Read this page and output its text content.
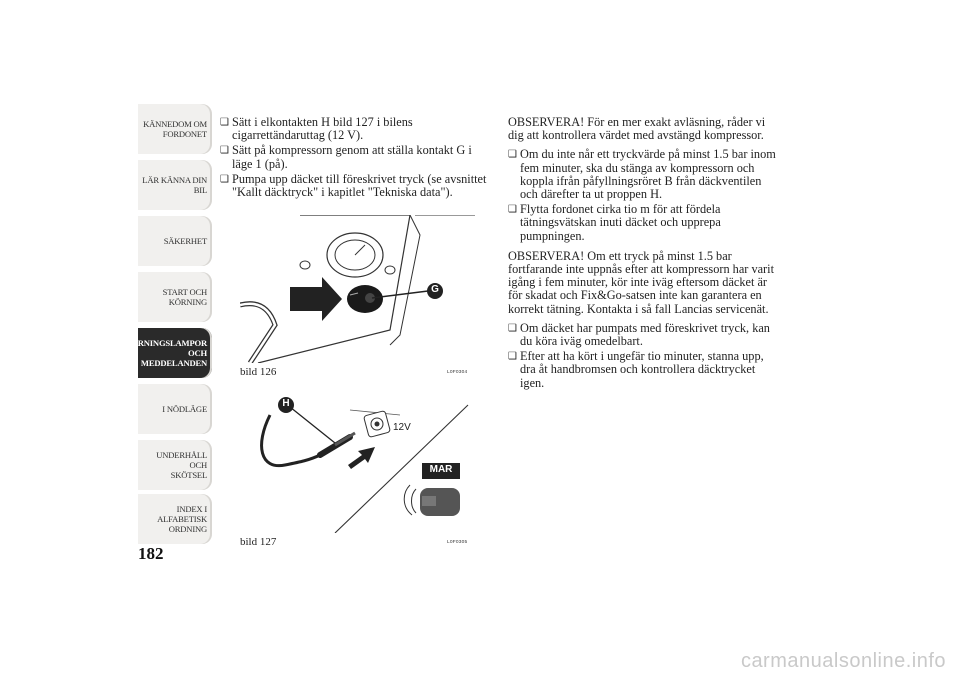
KÄNNEDOM OM
FORDONET
LÄR KÄNNA DIN
BIL
SÄKERHET
START OCH
KÖRNING
VARNINGSLAMPOR
OCH
MEDDELANDEN
I NÖDLÄGE
UNDERHÅLL OCH
SKÖTSEL
INDEX I
ALFABETISK
ORDNING
182
❑ Sätt i elkontakten H bild 127 i bilens cigarrettändaruttag (12 V).
❑ Sätt på kompressorn genom att ställa kontakt G i läge 1 (på).
❑ Pumpa upp däcket till föreskrivet tryck (se avsnittet "Kallt däcktryck" i kapitlet "Tekniska data").
G
bild 126	L0F0304
H
12V
MAR
bild 127	L0F0305
OBSERVERA! För en mer exakt avläsning, råder vi dig att kontrollera värdet med avstängd kompressor.
❑ Om du inte når ett tryckvärde på minst 1.5 bar inom fem minuter, ska du stänga av kompressorn och koppla ifrån påfyllningsröret B från däckventilen och därefter ta ut proppen H.
❑ Flytta fordonet cirka tio m för att fördela tätningsvätskan inuti däcket och upprepa pumpningen.
OBSERVERA! Om ett tryck på minst 1.5 bar fortfarande inte uppnås efter att kompressorn har varit igång i fem minuter, kör inte iväg eftersom däcket är för skadat och Fix&Go-satsen inte kan garantera en korrekt tätning. Kontakta i så fall Lancias servicenät.
❑ Om däcket har pumpats med föreskrivet tryck, kan du köra iväg omedelbart.
❑ Efter att ha kört i ungefär tio minuter, stanna upp, dra åt handbromsen och kontrollera däcktrycket igen.
carmanualsonline.info
